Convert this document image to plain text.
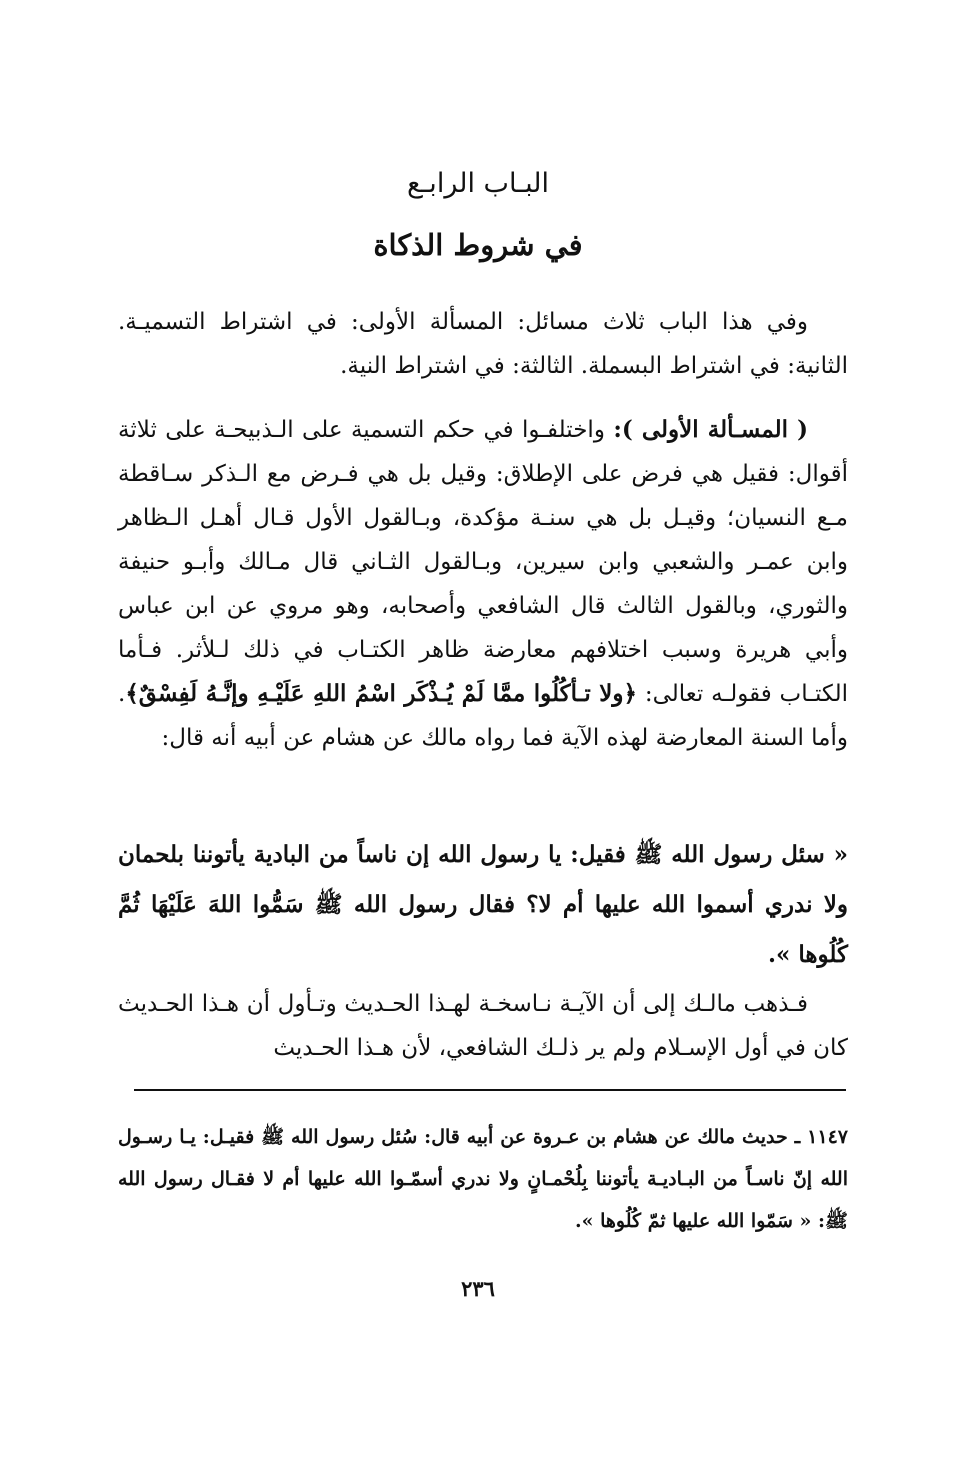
البـاب الرابـع
في شروط الذكاة

وفي هذا الباب ثلاث مسائل: المسألة الأولى: في اشتراط التسميـة. الثانية: في اشتراط البسملة. الثالثة: في اشتراط النية.

( المسـألة الأولى ): واختلفـوا في حكم التسمية على الـذبيحـة على ثلاثة أقوال: فقيل هي فرض على الإطلاق: وقيل بل هي فـرض مع الـذكر سـاقطة مـع النسيان؛ وقيـل بل هي سنـة مؤكدة، وبـالقول الأول قـال أهـل الـظاهر وابن عمـر والشعبي وابن سيرين، وبـالقول الثـاني قال مـالك وأبـو حنيفة والثوري، وبالقول الثالث قال الشافعي وأصحابه، وهو مروي عن ابن عباس وأبي هريرة وسبب اختلافهم معارضة ظاهر الكتـاب في ذلك لـلأثر. فـأما الكتـاب فقولـه تعالى: ﴿ولا تـأكُلُوا ممَّا لَمْ يُـذْكَر اسْمُ اللهِ عَلَيْـهِ وإنَّـهُ لَفِسْقٌ﴾. وأما السنة المعارضة لهذه الآية فما رواه مالك عن هشام عن أبيه أنه قال:

« سئل رسول الله ﷺ فقيل: يا رسول الله إن ناساً من البادية يأتوننا بلحمان ولا ندري أسموا الله عليها أم لا؟ فقال رسول الله ﷺ سَمُّوا اللهَ عَلَيْهَا ثُمَّ كُلُوها ».

فـذهب مالـك إلى أن الآيـة نـاسخـة لهـذا الحـديث وتـأول أن هـذا الحـديث كان في أول الإسـلام ولم ير ذلـك الشافعي، لأن هـذا الحـديث

١١٤٧ ـ حديث مالك عن هشام بن عـروة عن أبيه قال: سُئل رسول الله ﷺ فقيـل: يـا رسـول الله إنّ ناسـاً من البـاديـة يأتوننا بِلُحْمـانٍ ولا ندري أسمّـوا الله عليها أم لا فقـال رسول الله ﷺ: « سَمّوا الله عليها ثمّ كُلُوها ».

٢٣٦
